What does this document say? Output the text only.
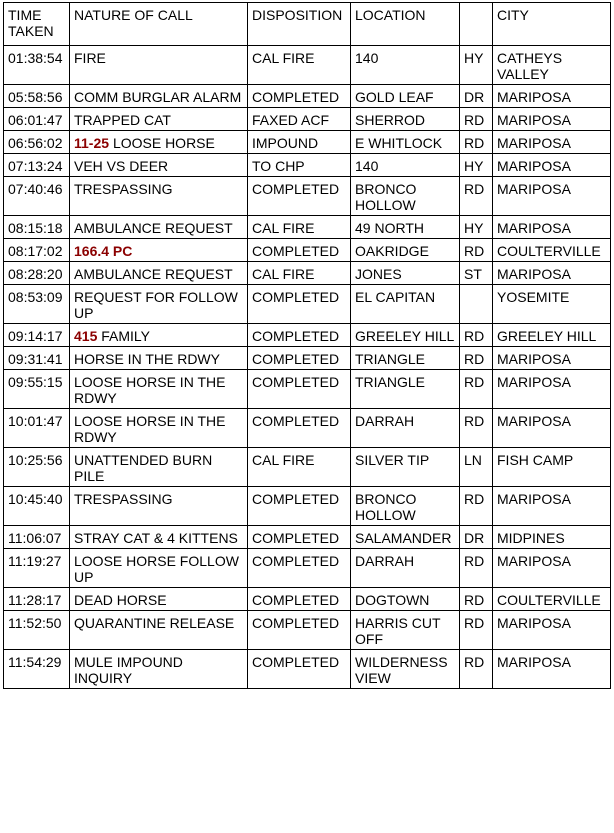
TIME TAKEN	NATURE OF CALL	DISPOSITION	LOCATION		CITY
01:38:54	FIRE	CAL FIRE	140	HY	CATHEYS VALLEY
05:58:56	COMM BURGLAR ALARM	COMPLETED	GOLD LEAF	DR	MARIPOSA
06:01:47	TRAPPED CAT	FAXED ACF	SHERROD	RD	MARIPOSA
06:56:02	11-25 LOOSE HORSE	IMPOUND	E WHITLOCK	RD	MARIPOSA
07:13:24	VEH VS DEER	TO CHP	140	HY	MARIPOSA
07:40:46	TRESPASSING	COMPLETED	BRONCO HOLLOW	RD	MARIPOSA
08:15:18	AMBULANCE REQUEST	CAL FIRE	49 NORTH	HY	MARIPOSA
08:17:02	166.4 PC	COMPLETED	OAKRIDGE	RD	COULTERVILLE
08:28:20	AMBULANCE REQUEST	CAL FIRE	JONES	ST	MARIPOSA
08:53:09	REQUEST FOR FOLLOW UP	COMPLETED	EL CAPITAN		YOSEMITE
09:14:17	415 FAMILY	COMPLETED	GREELEY HILL	RD	GREELEY HILL
09:31:41	HORSE IN THE RDWY	COMPLETED	TRIANGLE	RD	MARIPOSA
09:55:15	LOOSE HORSE IN THE RDWY	COMPLETED	TRIANGLE	RD	MARIPOSA
10:01:47	LOOSE HORSE IN THE RDWY	COMPLETED	DARRAH	RD	MARIPOSA
10:25:56	UNATTENDED BURN PILE	CAL FIRE	SILVER TIP	LN	FISH CAMP
10:45:40	TRESPASSING	COMPLETED	BRONCO HOLLOW	RD	MARIPOSA
11:06:07	STRAY CAT & 4 KITTENS	COMPLETED	SALAMANDER	DR	MIDPINES
11:19:27	LOOSE HORSE FOLLOW UP	COMPLETED	DARRAH	RD	MARIPOSA
11:28:17	DEAD HORSE	COMPLETED	DOGTOWN	RD	COULTERVILLE
11:52:50	QUARANTINE RELEASE	COMPLETED	HARRIS CUT OFF	RD	MARIPOSA
11:54:29	MULE IMPOUND INQUIRY	COMPLETED	WILDERNESS VIEW	RD	MARIPOSA
